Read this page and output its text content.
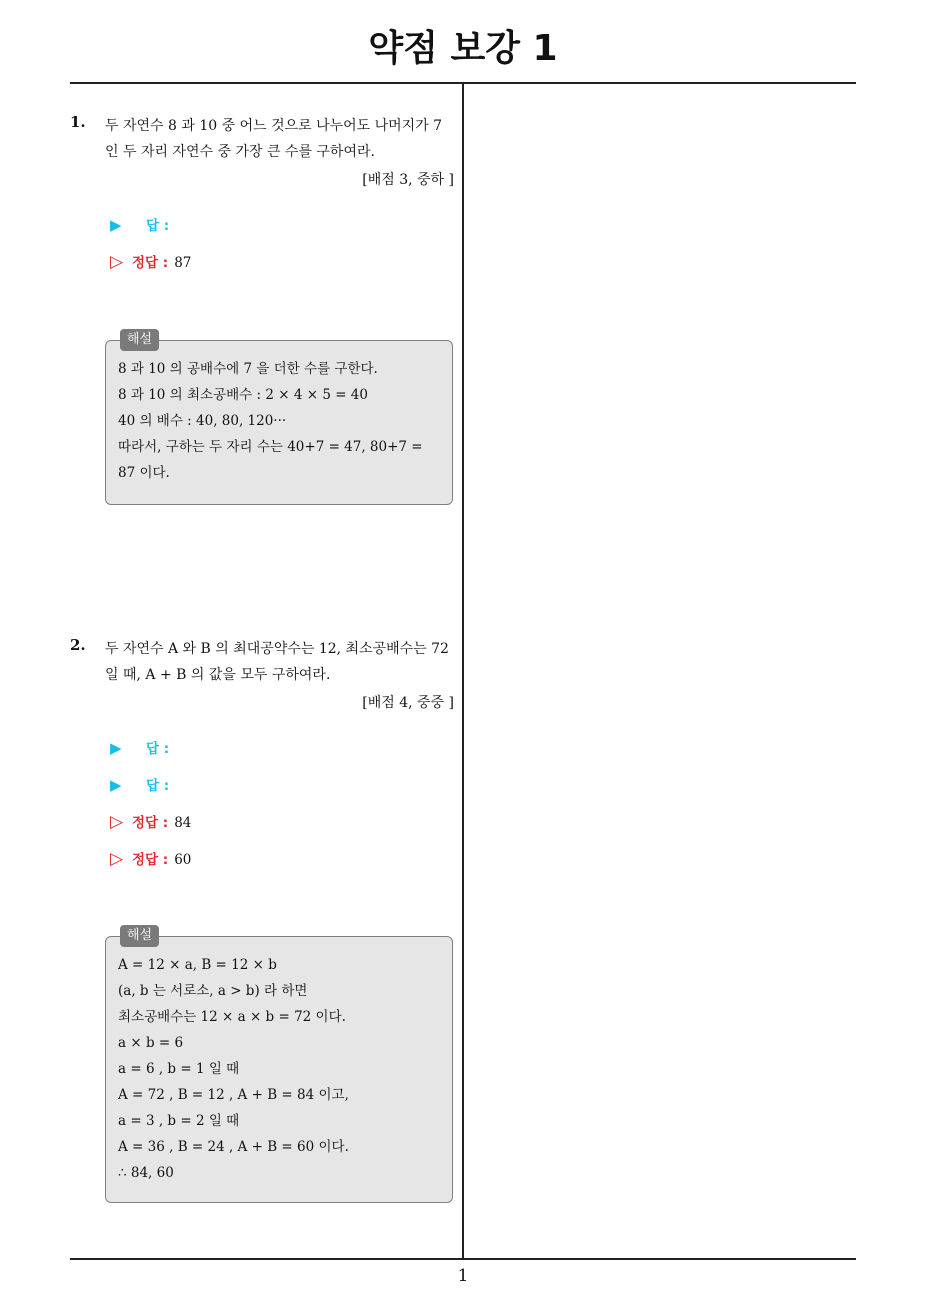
약점 보강 1
1
1. 두 자연수 8 과 10 중 어느 것으로 나누어도 나머지가 7 인 두 자리 자연수 중 가장 큰 수를 구하여라.
[배점 3, 중하 ]
▶ 답 :
▷ 정답 : 87
해설
8 과 10 의 공배수에 7 을 더한 수를 구한다.
8 과 10 의 최소공배수 : 2 × 4 × 5 = 40
40 의 배수 : 40, 80, 120···
따라서, 구하는 두 자리 수는 40+7 = 47, 80+7 = 87 이다.
2. 두 자연수 A 와 B 의 최대공약수는 12, 최소공배수는 72 일 때, A + B 의 값을 모두 구하여라.
[배점 4, 중중 ]
▶ 답 :
▶ 답 :
▷ 정답 : 84
▷ 정답 : 60
해설
A = 12 × a, B = 12 × b
(a, b 는 서로소, a > b) 라 하면
최소공배수는 12 × a × b = 72 이다.
a × b = 6
a = 6 , b = 1 일 때
A = 72 , B = 12 , A + B = 84 이고,
a = 3 , b = 2 일 때
A = 36 , B = 24 , A + B = 60 이다.
∴ 84, 60
